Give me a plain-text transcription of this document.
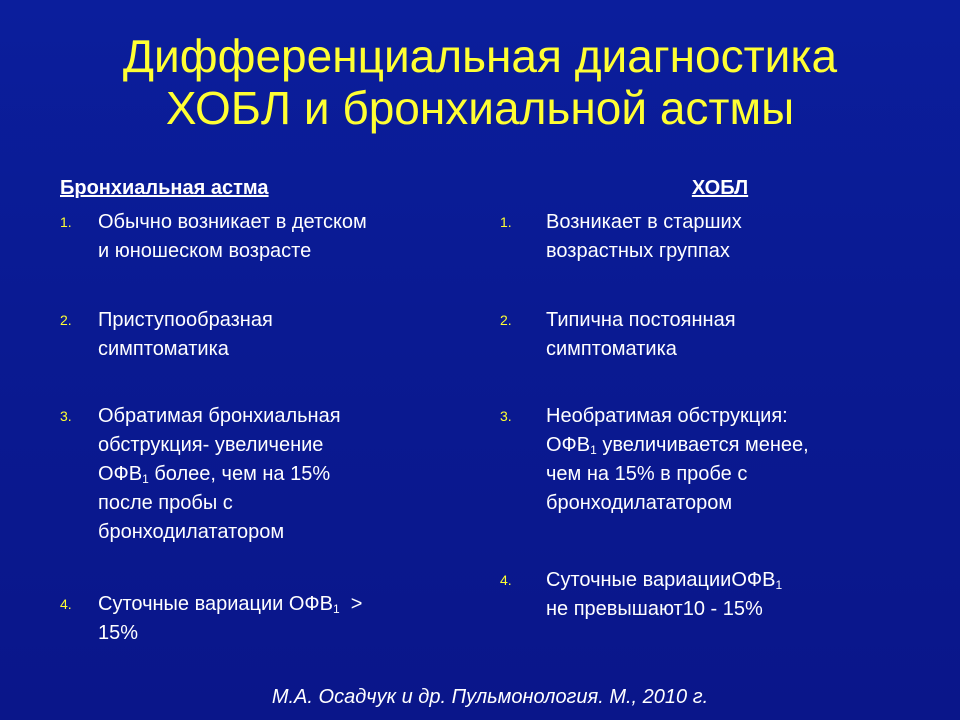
Дифференциальная диагностика
ХОБЛ и бронхиальной астмы
Бронхиальная астма
1.	Обычно возникает в детском
и юношеском возрасте
2.	Приступообразная
симптоматика
3.	Обратимая бронхиальная
обструкция- увеличение
$ОФВ_1$ более, чем на 15%
после пробы с
бронходилататором
4.	Суточные вариации $ОФВ_1$  >
15%
ХОБЛ
1.	Возникает в старших
возрастных группах
2.	Типична постоянная
симптоматика
3.	Необратимая обструкция:
$ОФВ_1$ увеличивается менее,
чем на 15% в пробе с
бронходилататором
4.	Суточные вариацииОФВ$_1$
не превышают10 - 15%
М.А. Осадчук и др. Пульмонология. М., 2010 г.
